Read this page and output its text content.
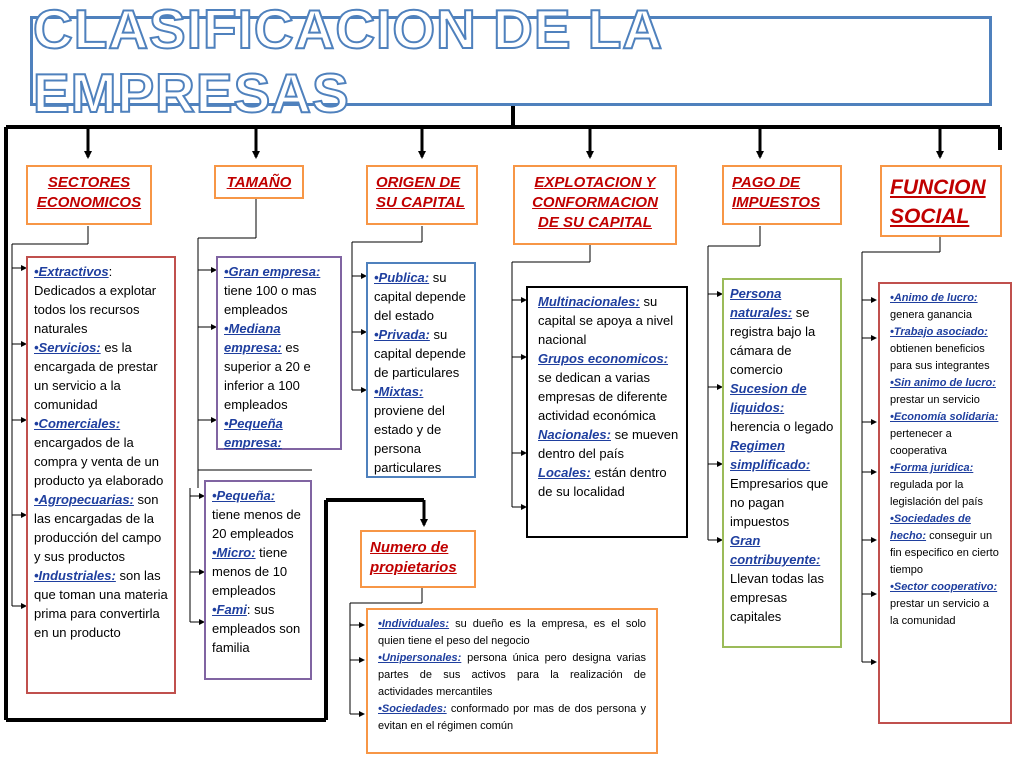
CLASIFICACION DE LA EMPRESAS
SECTORES ECONOMICOS
TAMAÑO	ORIGEN DE SU CAPITAL
EXPLOTACION Y CONFORMACION DE SU CAPITAL
PAGO DE IMPUESTOS
FUNCION SOCIAL
Numero de propietarios
•Extractivos: Dedicados a explotar todos los recursos naturales
•Servicios: es la encargada de prestar un servicio a la comunidad
•Comerciales: encargados de la compra y venta de un producto ya elaborado
•Agropecuarias: son las encargadas de la producción del campo y sus productos
•Industriales: son las que toman una materia prima para convertirla en un producto
•Gran empresa: tiene 100 o mas empleados
•Mediana empresa: es superior a 20 e inferior a 100 empleados
•Pequeña empresa:
•Pequeña: tiene menos de 20 empleados
•Micro: tiene menos de 10 empleados
•Fami: sus empleados son familia
•Publica: su capital depende del estado
•Privada: su capital depende de particulares
•Mixtas: proviene del estado y de persona particulares
Multinacionales: su capital se apoya a nivel nacional
Grupos economicos: se dedican a varias empresas de diferente actividad económica
Nacionales: se mueven dentro del país
Locales: están dentro de su localidad
Persona naturales: se registra bajo la cámara de comercio
Sucesion de liquidos: herencia o legado
Regimen simplificado: Empresarios que no pagan impuestos
Gran contribuyente: Llevan todas las empresas capitales
•Animo de lucro: genera ganancia
•Trabajo asociado: obtienen beneficios para sus integrantes
•Sin animo de lucro: prestar un servicio
•Economía solidaria: pertenecer a cooperativa
•Forma juridica: regulada por la legislación del país
•Sociedades de hecho: conseguir un fin especifico en cierto tiempo
•Sector cooperativo: prestar un servicio a la comunidad
•Individuales: su dueño es la empresa, es el solo quien tiene el peso del negocio
•Unipersonales: persona única pero designa varias partes de sus activos para la realización de actividades mercantiles
•Sociedades: conformado por mas de dos persona y evitan en el régimen común
